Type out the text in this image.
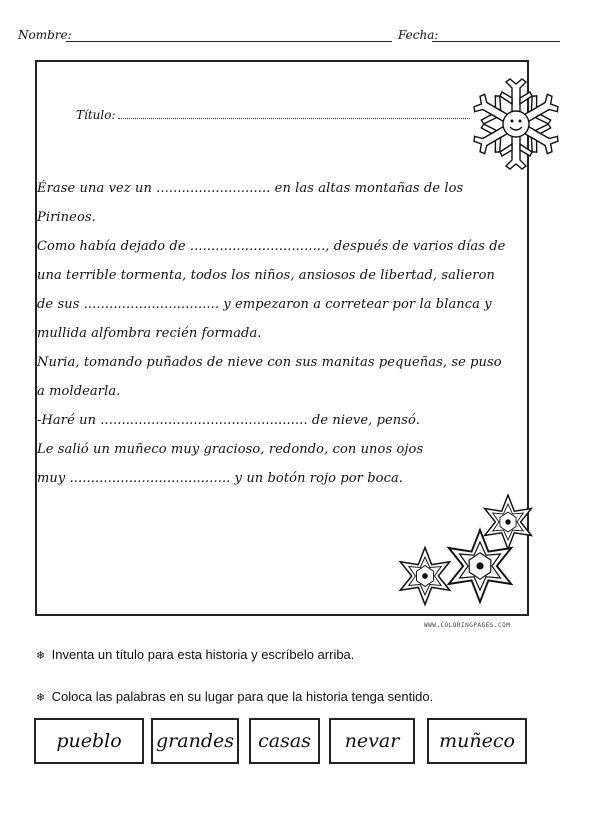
Nombre:	Fecha:
Título:
Érase una vez un ........................... en las altas montañas de los
Pirineos.
Como había dejado de ................................, después de varios días de
una terrible tormenta, todos los niños, ansiosos de libertad, salieron
de sus ................................ y empezaron a corretear por la blanca y
mullida alfombra recién formada.
Nuria, tomando puñados de nieve con sus manitas pequeñas, se puso
a moldearla.
-Haré un ................................................. de nieve, pensó.
Le salió un muñeco muy gracioso, redondo, con unos ojos
muy ...................................... y un botón rojo por boca.
WWW.COLORINGPAGES.COM
❄ Inventa un título para esta historia y escríbelo arriba.
❄ Coloca las palabras en su lugar para que la historia tenga sentido.
pueblo	grandes	casas	nevar	muñeco
